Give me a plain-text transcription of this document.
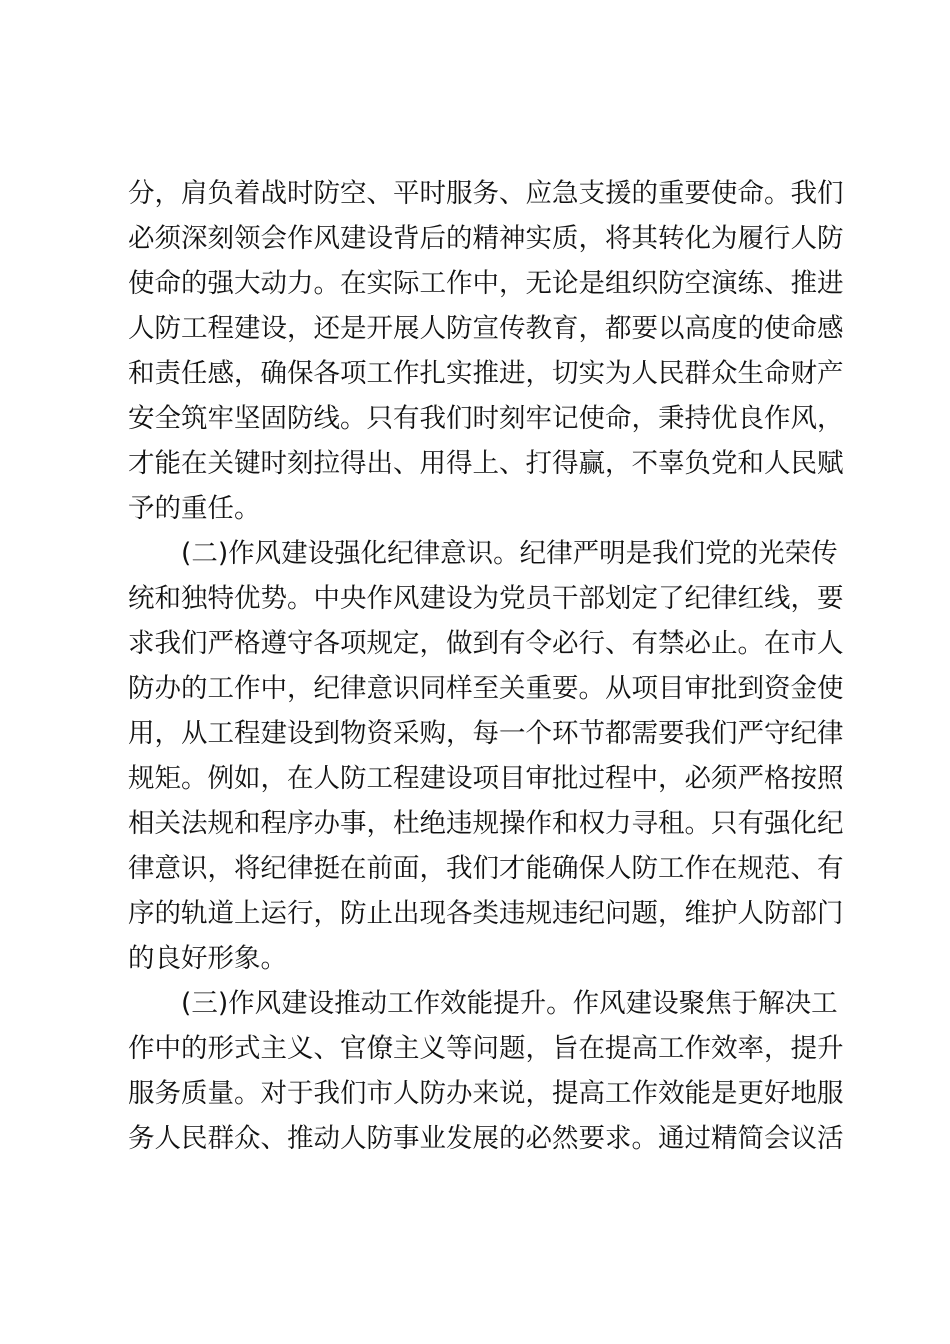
分，肩负着战时防空、平时服务、应急支援的重要使命。我们

必须深刻领会作风建设背后的精神实质，将其转化为履行人防

使命的强大动力。在实际工作中，无论是组织防空演练、推进

人防工程建设，还是开展人防宣传教育，都要以高度的使命感

和责任感，确保各项工作扎实推进，切实为人民群众生命财产

安全筑牢坚固防线。只有我们时刻牢记使命，秉持优良作风，

才能在关键时刻拉得出、用得上、打得赢，不辜负党和人民赋

予的重任。

(二)作风建设强化纪律意识。纪律严明是我们党的光荣传

统和独特优势。中央作风建设为党员干部划定了纪律红线，要

求我们严格遵守各项规定，做到有令必行、有禁必止。在市人

防办的工作中，纪律意识同样至关重要。从项目审批到资金使

用，从工程建设到物资采购，每一个环节都需要我们严守纪律

规矩。例如，在人防工程建设项目审批过程中，必须严格按照

相关法规和程序办事，杜绝违规操作和权力寻租。只有强化纪

律意识，将纪律挺在前面，我们才能确保人防工作在规范、有

序的轨道上运行，防止出现各类违规违纪问题，维护人防部门

的良好形象。

(三)作风建设推动工作效能提升。作风建设聚焦于解决工

作中的形式主义、官僚主义等问题，旨在提高工作效率，提升

服务质量。对于我们市人防办来说，提高工作效能是更好地服

务人民群众、推动人防事业发展的必然要求。通过精简会议活
